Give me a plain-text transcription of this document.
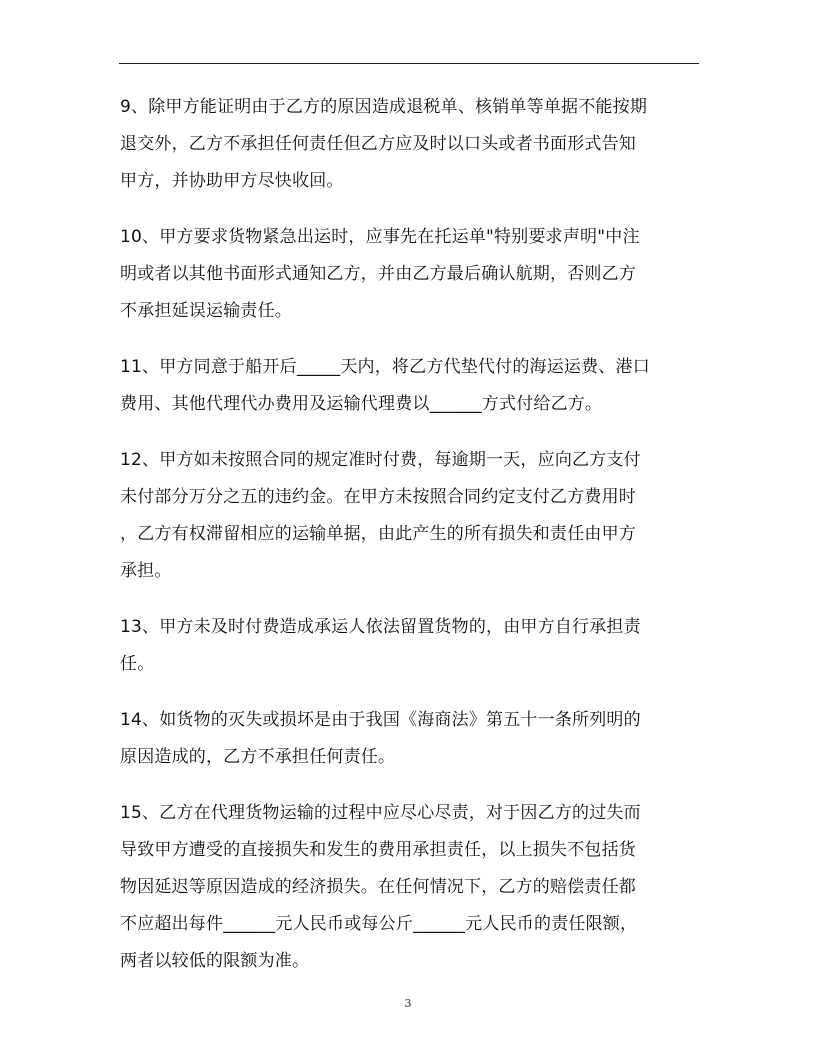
9、除甲方能证明由于乙方的原因造成退税单、核销单等单据不能按期
退交外，乙方不承担任何责任但乙方应及时以口头或者书面形式告知
甲方，并协助甲方尽快收回。

10、甲方要求货物紧急出运时，应事先在托运单"特别要求声明"中注
明或者以其他书面形式通知乙方，并由乙方最后确认航期，否则乙方
不承担延误运输责任。

11、甲方同意于船开后_____天内，将乙方代垫代付的海运运费、港口
费用、其他代理代办费用及运输代理费以______方式付给乙方。

12、甲方如未按照合同的规定准时付费，每逾期一天，应向乙方支付
未付部分万分之五的违约金。在甲方未按照合同约定支付乙方费用时
，乙方有权滞留相应的运输单据，由此产生的所有损失和责任由甲方
承担。

13、甲方未及时付费造成承运人依法留置货物的，由甲方自行承担责
任。

14、如货物的灭失或损坏是由于我国《海商法》第五十一条所列明的
原因造成的，乙方不承担任何责任。

15、乙方在代理货物运输的过程中应尽心尽责，对于因乙方的过失而
导致甲方遭受的直接损失和发生的费用承担责任，以上损失不包括货
物因延迟等原因造成的经济损失。在任何情况下，乙方的赔偿责任都
不应超出每件______元人民币或每公斤______元人民币的责任限额，
两者以较低的限额为准。

3
